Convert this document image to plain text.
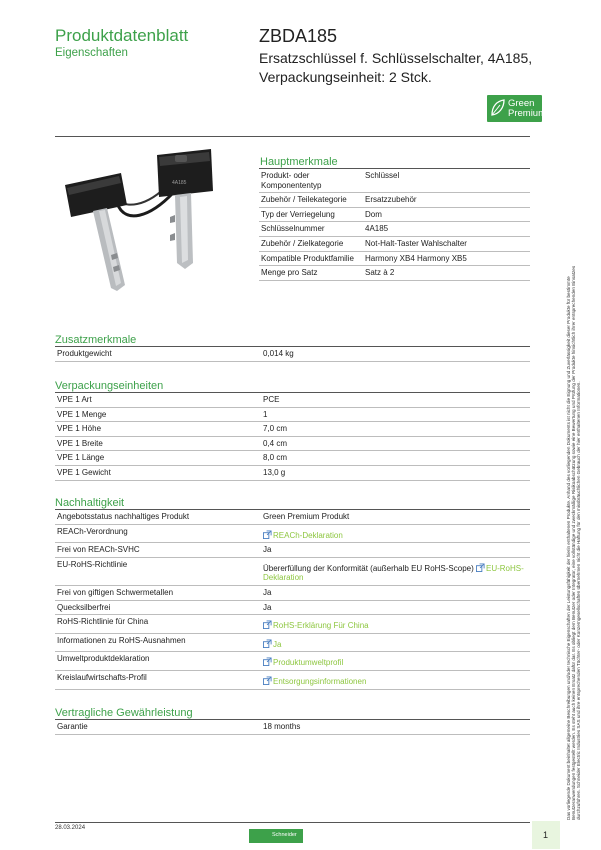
Produktdatenblatt
Eigenschaften
ZBDA185
Ersatzschlüssel f. Schlüsselschalter, 4A185, Verpackungseinheit: 2 Stck.
Green
Premium™
4A185
Hauptmerkmale
Produkt- oder Komponententyp	Schlüssel
Zubehör / Teilekategorie	Ersatzzubehör
Typ der Verriegelung	Dom
Schlüsselnummer	4A185
Zubehör / Zielkategorie	Not-Halt-Taster Wahlschalter
Kompatible Produktfamilie	Harmony XB4 Harmony XB5
Menge pro Satz	Satz à 2
Zusatzmerkmale
Produktgewicht	0,014 kg
Verpackungseinheiten
VPE 1 Art	PCE
VPE 1 Menge	1
VPE 1 Höhe	7,0 cm
VPE 1 Breite	0,4 cm
VPE 1 Länge	8,0 cm
VPE 1 Gewicht	13,0 g
Nachhaltigkeit
Angebotsstatus nachhaltiges Produkt	Green Premium Produkt
REACh-Verordnung	REACh-Deklaration
Frei von REACh-SVHC	Ja
EU-RoHS-Richtlinie	Übererfüllung der Konformität (außerhalb EU RoHS-Scope) EU-RoHS-Deklaration
Frei von giftigen Schwermetallen	Ja
Quecksilberfrei	Ja
RoHS-Richtlinie für China	RoHS-Erklärung Für China
Informationen zu RoHS-Ausnahmen	Ja
Umweltproduktdeklaration	Produktumweltprofil
Kreislaufwirtschafts-Profil	Entsorgungsinformationen
Vertragliche Gewährleistung
Garantie	18 months	Das vorliegende Dokument beinhaltet allgemeine Beschreibungen und/oder technische Eigenschaften der Leistungsfähigkeit der hierin enthaltenen Produkte. Anhand des vorliegenden Dokuments ist nicht die Eignung und Zuverlässigkeit dieser Produkte für bestimmte Benutzeranwendungen festgestellt werden. Es steht auch keinen Ersatz dafür dar. Es obliegt dem Benutzer oder Integrator, eine vollständige und zweckmäßige Risikoabschätzung sowie eine Bewertung und Prüfung der Produkte hinsichtlich ihrer entsprechenden Einsatzes durchzuführen. Schneider Electric Industries SAS und ihre entsprechenden Töchter- oder Konzerngesellschaften übernehmen nicht die Haftung für den missbräuchlichen Gebrauch der hier enthaltenen Informationen.
28.03.2024
Schneider	1
